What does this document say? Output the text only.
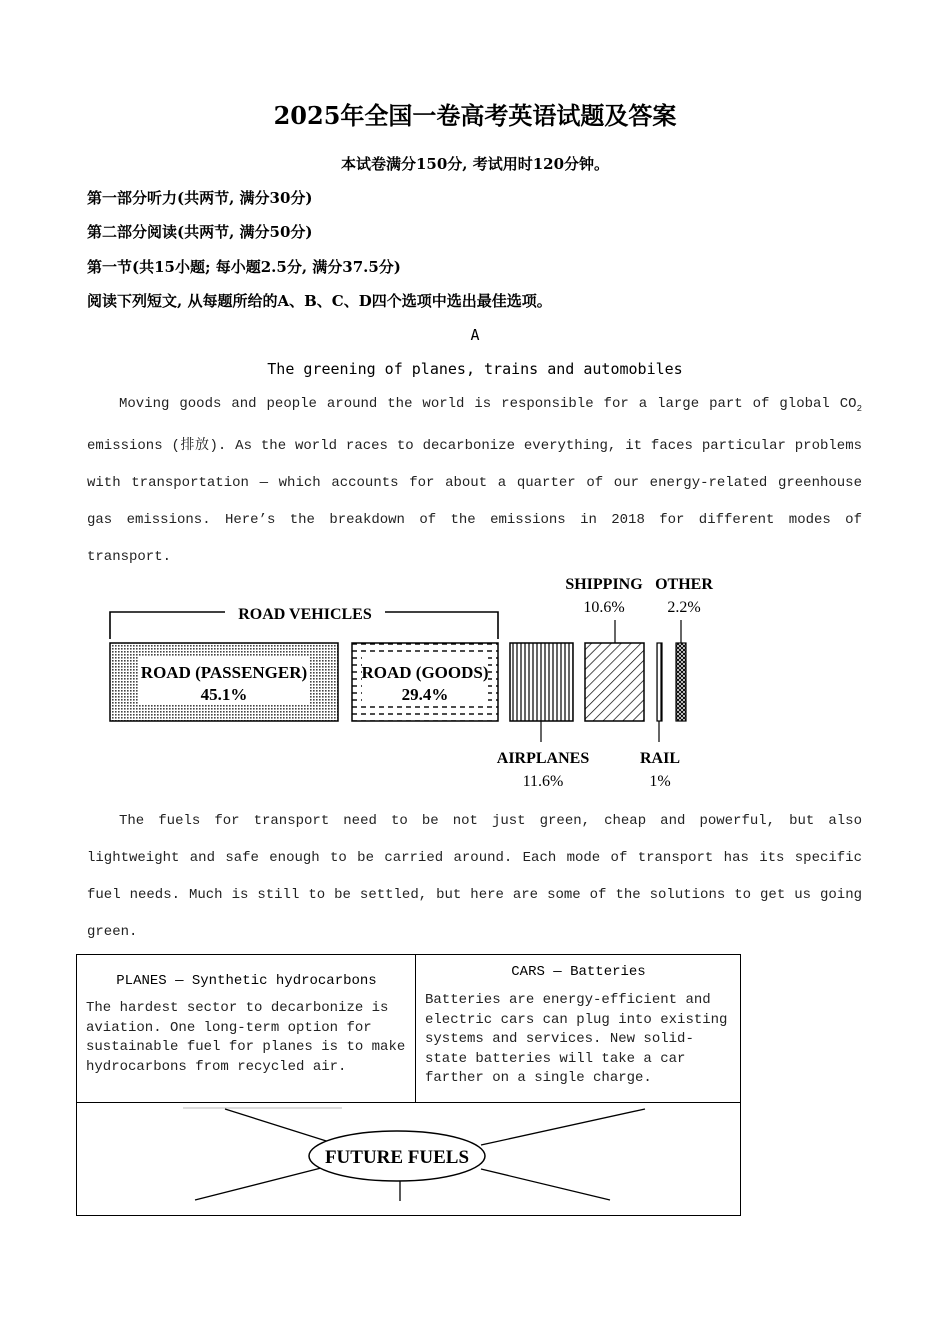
2025年全国一卷高考英语试题及答案
本试卷满分150分, 考试用时120分钟。
第一部分听力(共两节, 满分30分)
第二部分阅读(共两节, 满分50分)
第一节(共15小题; 每小题2.5分, 满分37.5分)
阅读下列短文, 从每题所给的A、B、C、D四个选项中选出最佳选项。
A
The greening of planes, trains and automobiles

Moving goods and people around the world is responsible for a large part of global $CO_2$ emissions (排放). As the world races to decarbonize everything, it faces particular problems with transportation — which accounts for about a quarter of our energy-related greenhouse gas emissions. Here’s the breakdown of the emissions in 2018 for different modes of transport.

ROAD VEHICLES
ROAD (PASSENGER)
45.1%
ROAD (GOODS)
29.4%
AIRPLANES
11.6%
SHIPPING
10.6%
RAIL
1%
OTHER
2.2%

The fuels for transport need to be not just green, cheap and powerful, but also lightweight and safe enough to be carried around. Each mode of transport has its specific fuel needs. Much is still to be settled, but here are some of the solutions to get us going green.

PLANES — Synthetic hydrocarbons
The hardest sector to decarbonize is aviation. One long-term option for sustainable fuel for planes is to make hydrocarbons from recycled air.
CARS — Batteries
Batteries are energy-efficient and electric cars can plug into existing systems and services. New solid-state batteries will take a car farther on a single charge.
FUTURE FUELS
